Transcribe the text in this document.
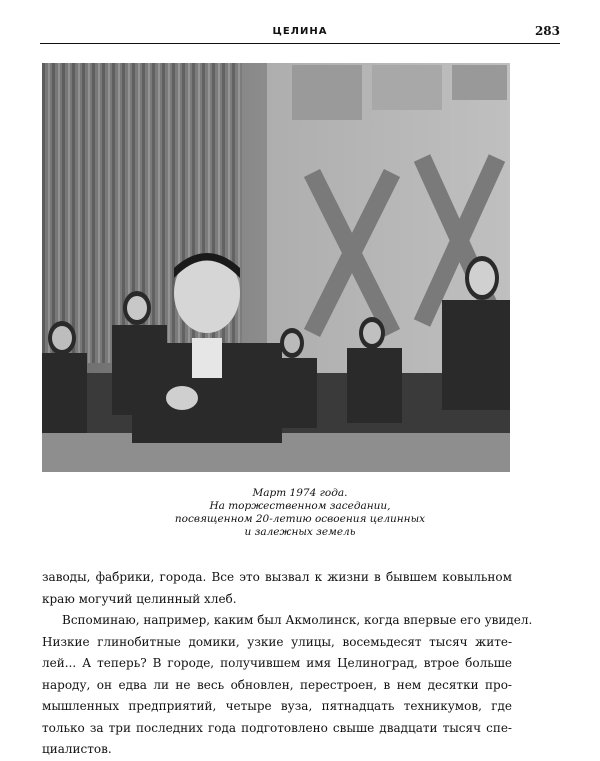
ЦЕЛИНА	283
Март 1974 года.
На торжественном заседании,
посвященном 20-летию освоения целинных
и залежных земель
заводы, фабрики, города. Все это вызвал к жизни в бывшем ковыльном
краю могучий целинный хлеб.
Вспоминаю, например, каким был Акмолинск, когда впервые его увидел.
Низкие глинобитные домики, узкие улицы, восемьдесят тысяч жите-
лей... А теперь? В городе, получившем имя Целиноград, втрое больше
народу, он едва ли не весь обновлен, перестроен, в нем десятки про-
мышленных предприятий, четыре вуза, пятнадцать техникумов, где
только за три последних года подготовлено свыше двадцати тысяч спе-
циалистов.
